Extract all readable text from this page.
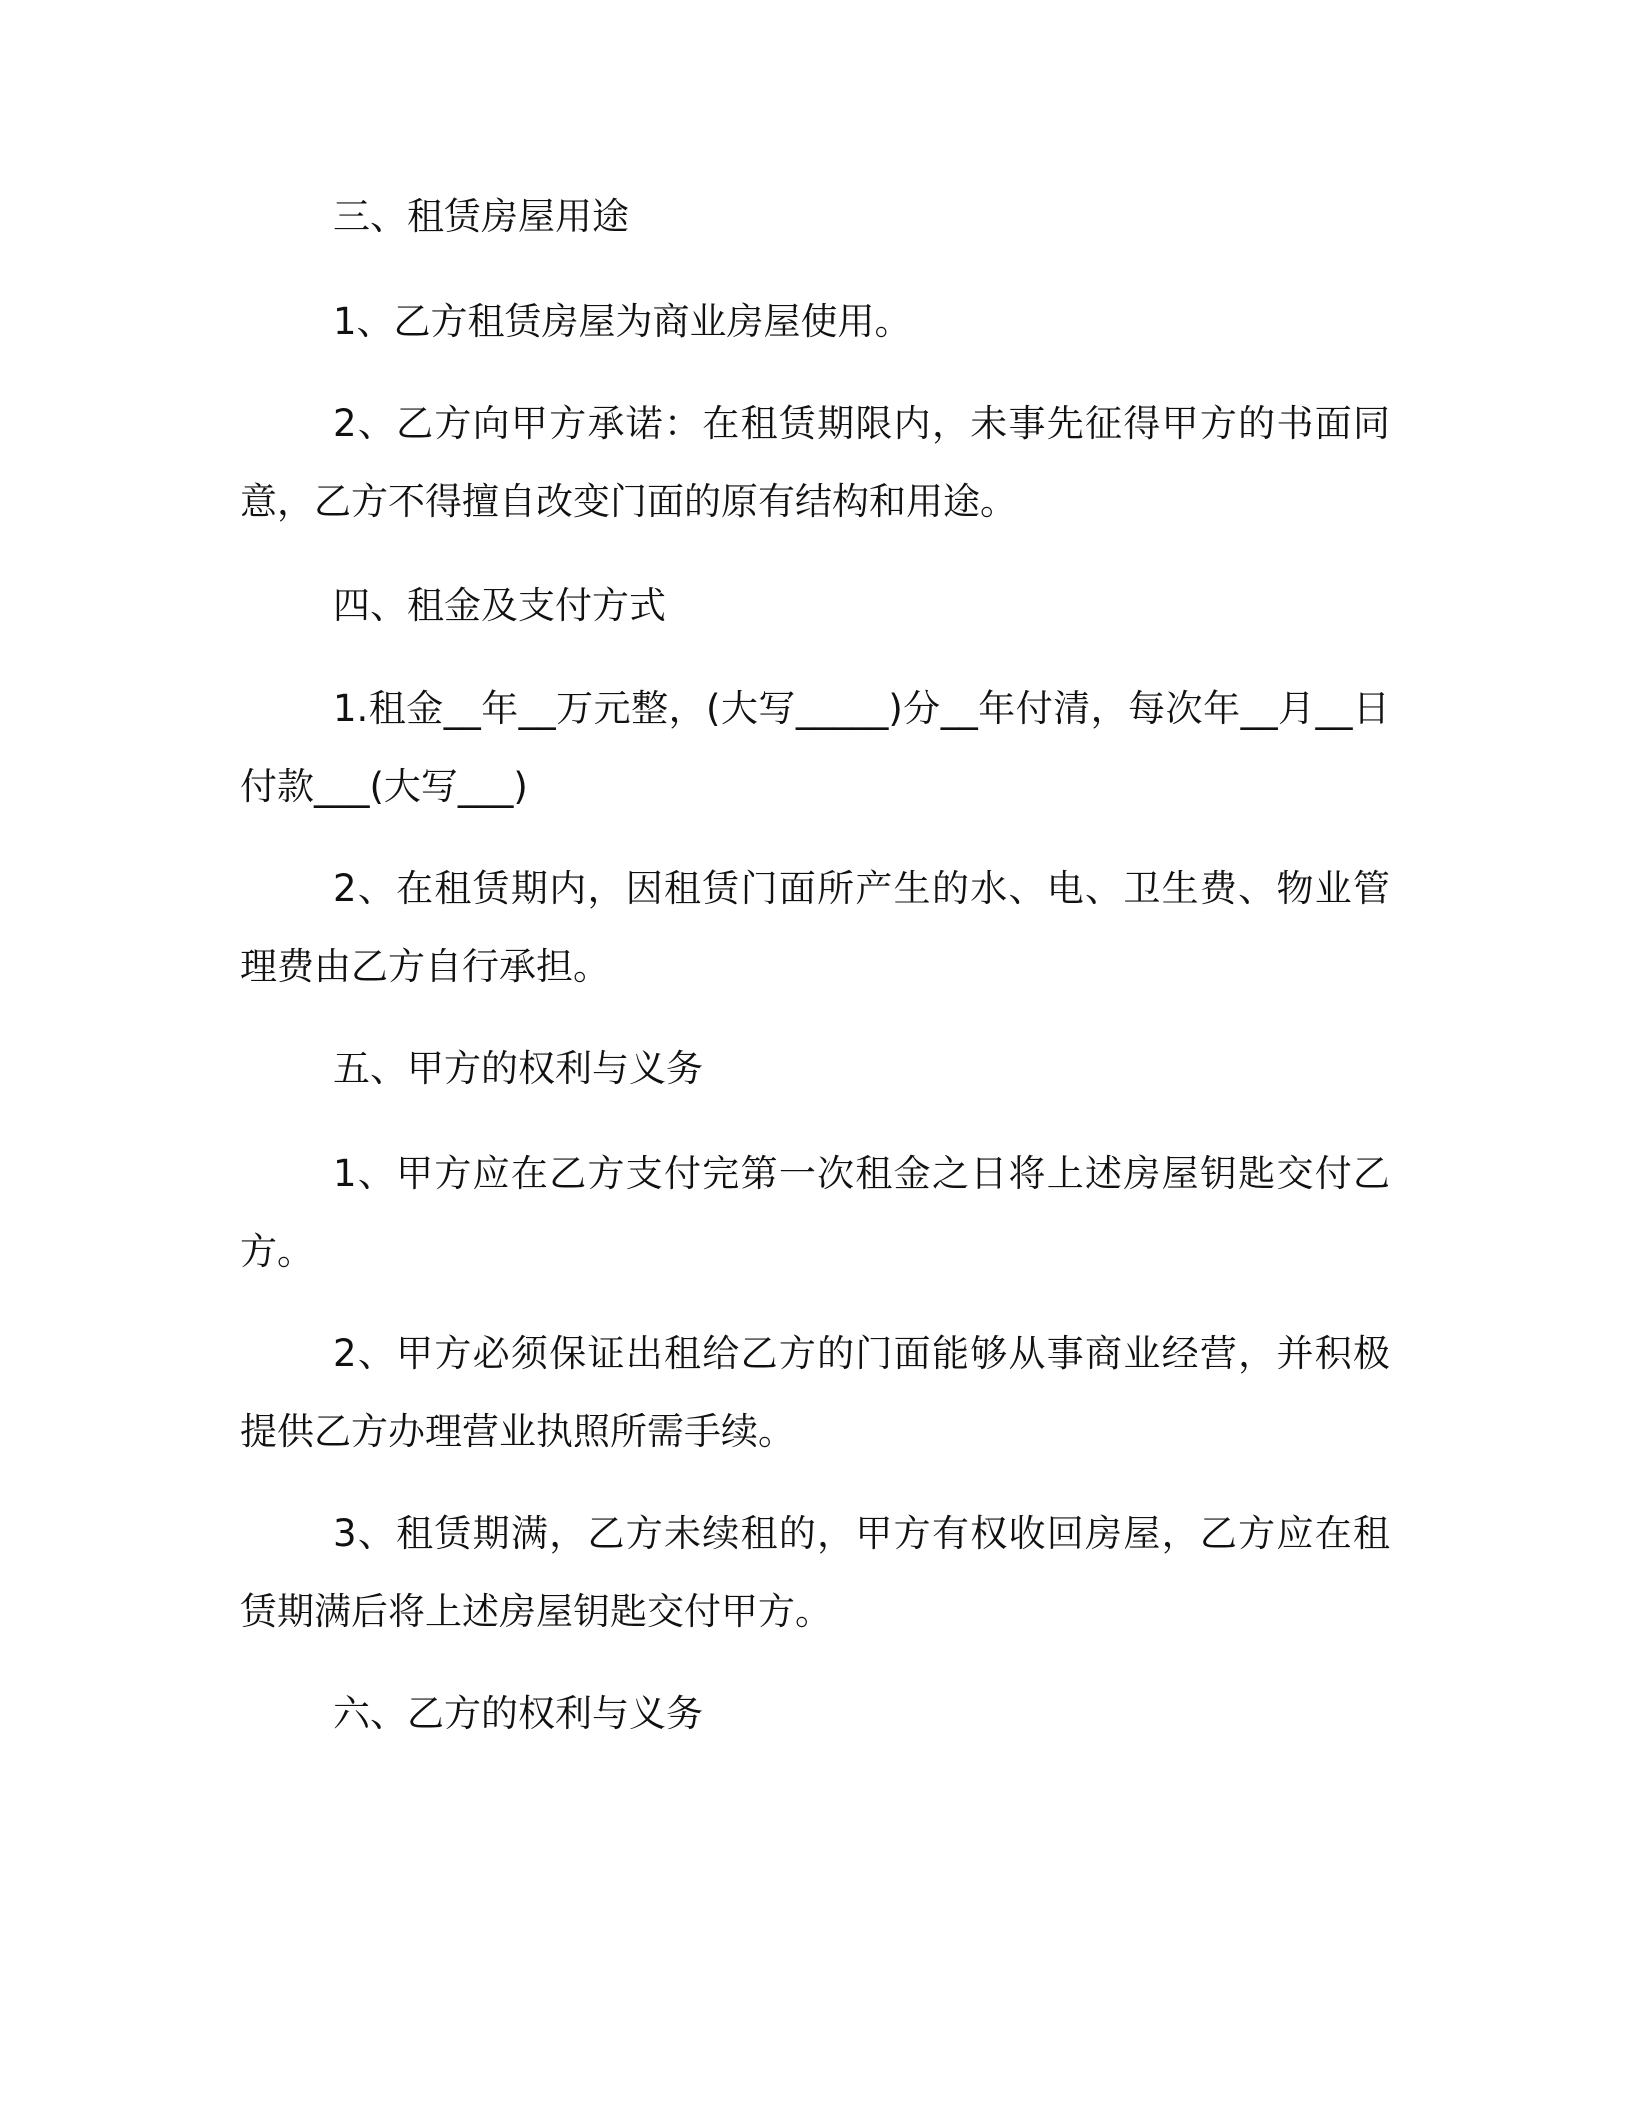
三、租赁房屋用途
1、乙方租赁房屋为商业房屋使用。
2、乙方向甲方承诺：在租赁期限内，未事先征得甲方的书面同意，乙方不得擅自改变门面的原有结构和用途。
四、租金及支付方式
1.租金__年__万元整，(大写_____)分__年付清，每次年__月__日付款___(大写___)
2、在租赁期内，因租赁门面所产生的水、电、卫生费、物业管理费由乙方自行承担。
五、甲方的权利与义务
1、甲方应在乙方支付完第一次租金之日将上述房屋钥匙交付乙方。
2、甲方必须保证出租给乙方的门面能够从事商业经营，并积极提供乙方办理营业执照所需手续。
3、租赁期满，乙方未续租的，甲方有权收回房屋，乙方应在租赁期满后将上述房屋钥匙交付甲方。
六、乙方的权利与义务
